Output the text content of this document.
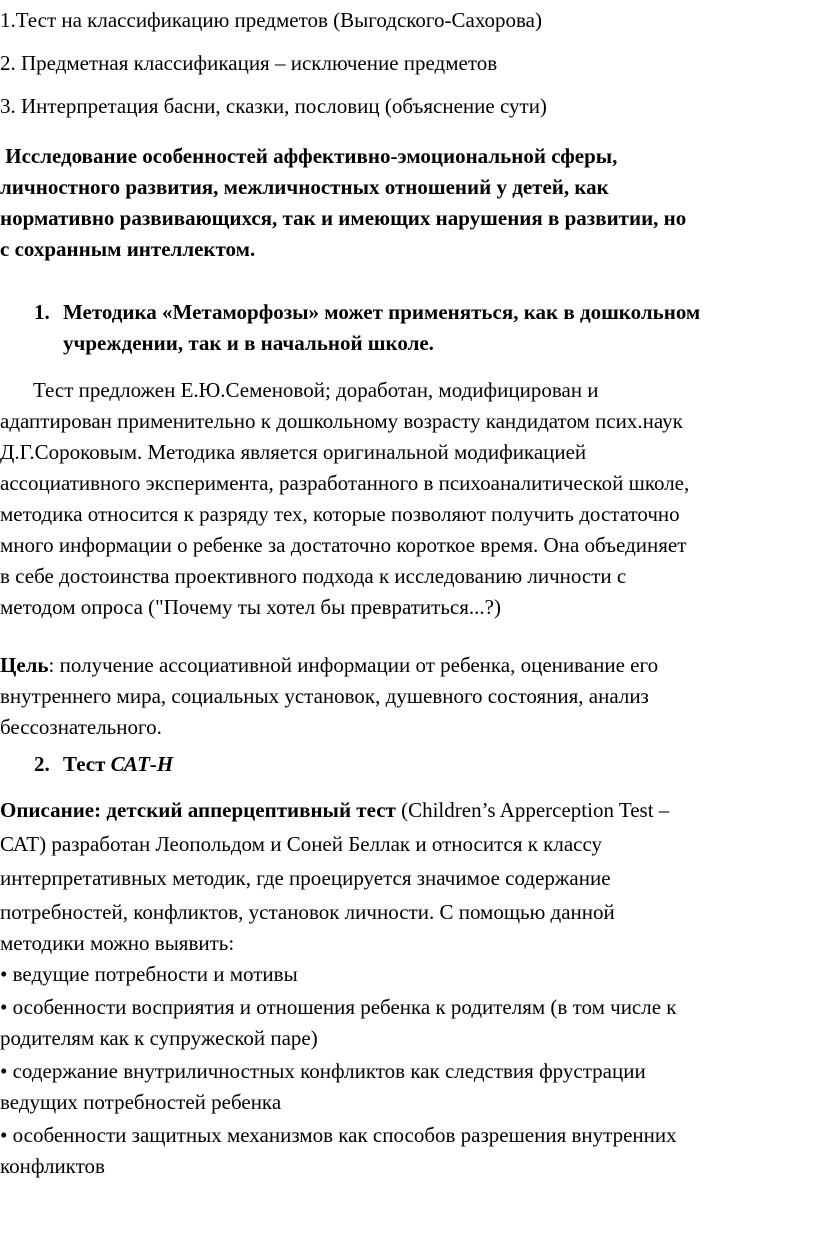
1.Тест на классификацию предметов (Выгодского-Сахорова)
2. Предметная классификация – исключение предметов
3. Интерпретация басни, сказки, пословиц (объяснение сути)
Исследование особенностей аффективно-эмоциональной сферы,
личностного развития, межличностных отношений у детей, как
нормативно развивающихся, так и имеющих нарушения в развитии, но
с сохранным интеллектом.
1. Методика «Метаморфозы» может применяться, как в дошкольном
учреждении, так и в начальной школе.
Тест предложен Е.Ю.Семеновой; доработан, модифицирован и
адаптирован применительно к дошкольному возрасту кандидатом псих.наук
Д.Г.Сороковым. Методика является оригинальной модификацией
ассоциативного эксперимента, разработанного в психоаналитической школе,
методика относится к разряду тех, которые позволяют получить достаточно
много информации о ребенке за достаточно короткое время. Она объединяет
в себе достоинства проективного подхода к исследованию личности с
методом опроса ("Почему ты хотел бы превратиться...?)
Цель: получение ассоциативной информации от ребенка, оценивание его
внутреннего мира, социальных установок, душевного состояния, анализ
бессознательного.
2. Тест САТ-Н
Описание: детский апперцептивный тест (Children’s Apperception Test –
САТ) разработан Леопольдом и Соней Беллак и относится к классу
интерпретативных методик, где проецируется значимое содержание
потребностей, конфликтов, установок личности. С помощью данной
методики можно выявить:
• ведущие потребности и мотивы
• особенности восприятия и отношения ребенка к родителям (в том числе к
родителям как к супружеской паре)
• содержание внутриличностных конфликтов как следствия фрустрации
ведущих потребностей ребенка
• особенности защитных механизмов как способов разрешения внутренних
конфликтов
